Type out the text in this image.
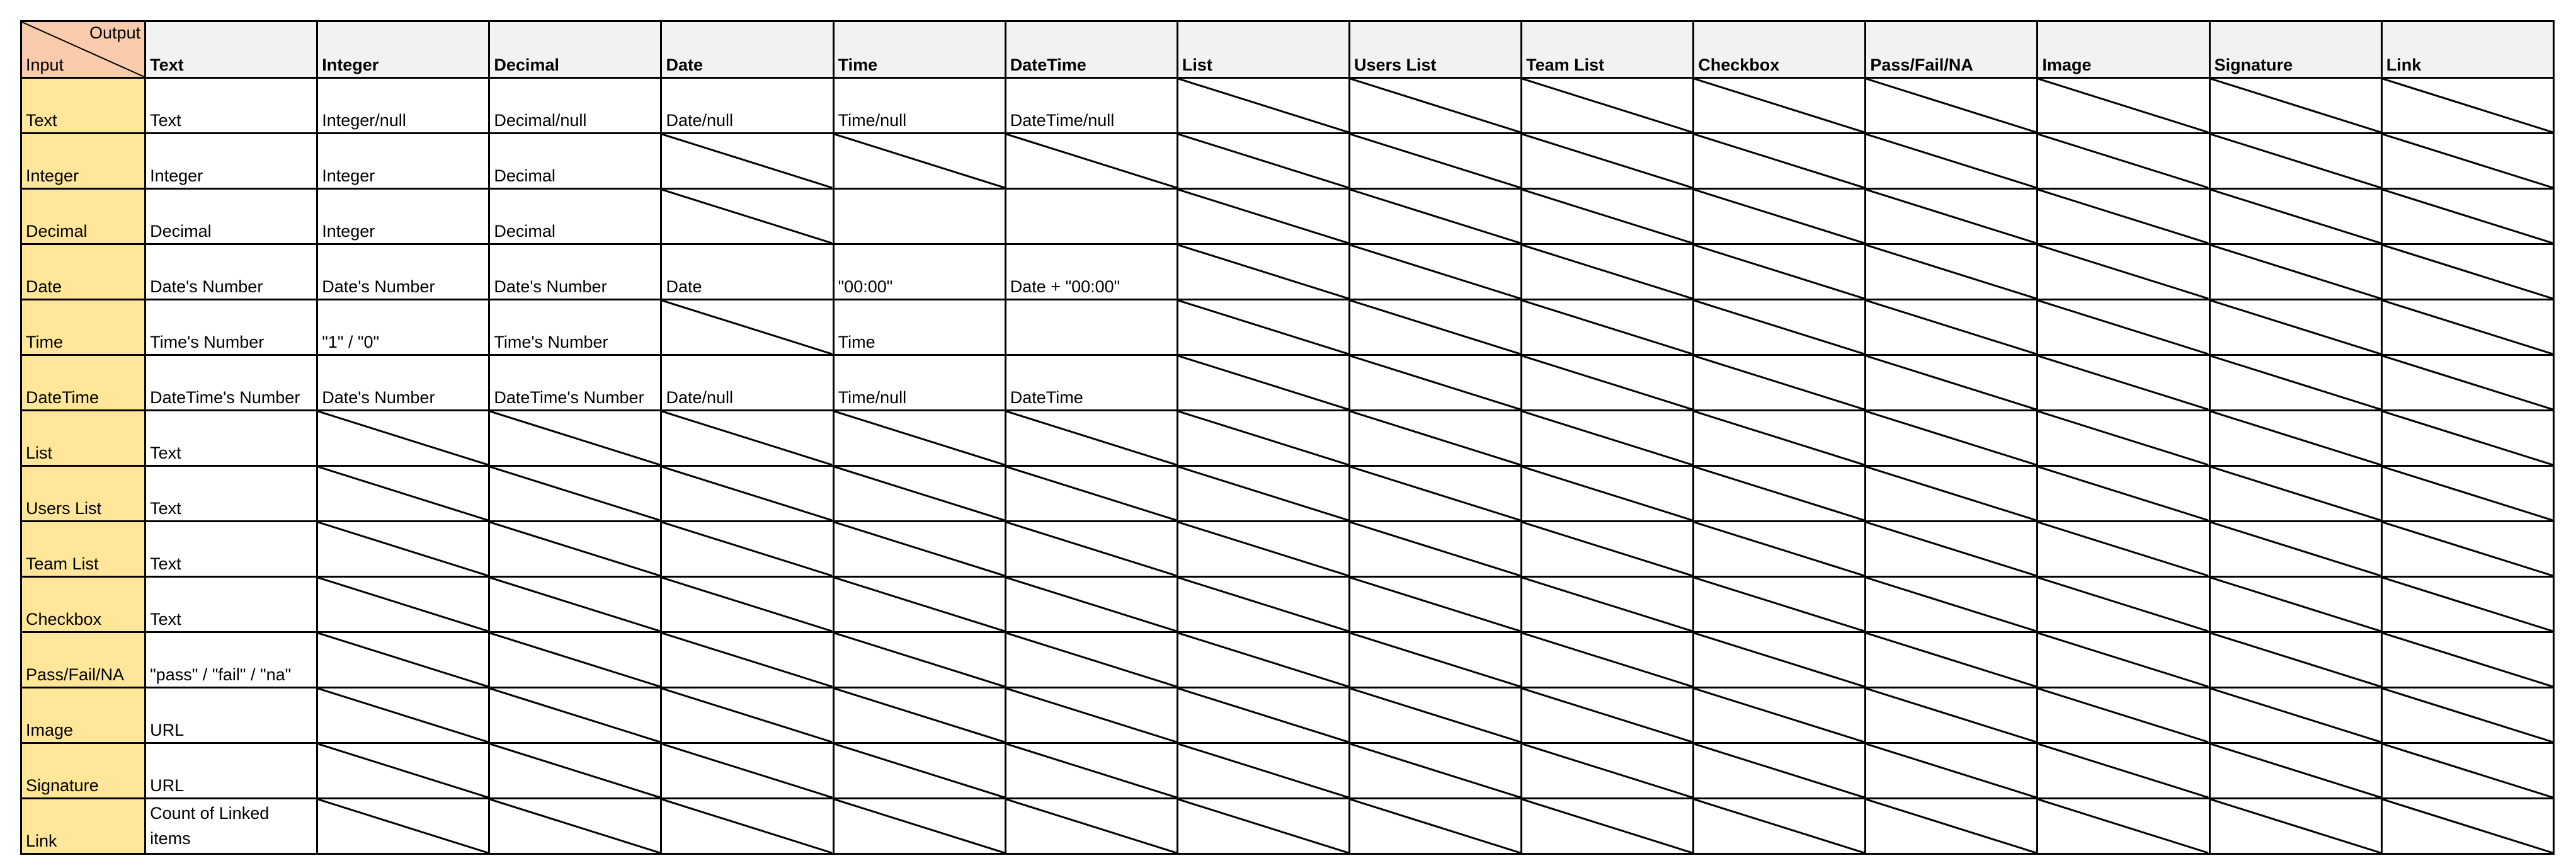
Output
Input	Text	Integer	Decimal	Date	Time	DateTime	List	Users List	Team List	Checkbox	Pass/Fail/NA	Image	Signature	Link
Text	Text	Integer/null	Decimal/null	Date/null	Time/null	DateTime/null	

Integer	Integer	Integer	Decimal	

Decimal	Decimal	Integer	Decimal	

Date	Date's Number	Date's Number	Date's Number	Date	"00:00"	Date + "00:00"	

Time	Time's Number	"1" / "0"	Time's Number		Time		

DateTime	DateTime's Number	Date's Number	DateTime's Number	Date/null	Time/null	DateTime	

List	Text	

Users List	Text	

Team List	Text	

Checkbox	Text	

Pass/Fail/NA	"pass" / "fail" / "na"	

Image	URL	

Signature	URL	

Link	Count of Linked items	
